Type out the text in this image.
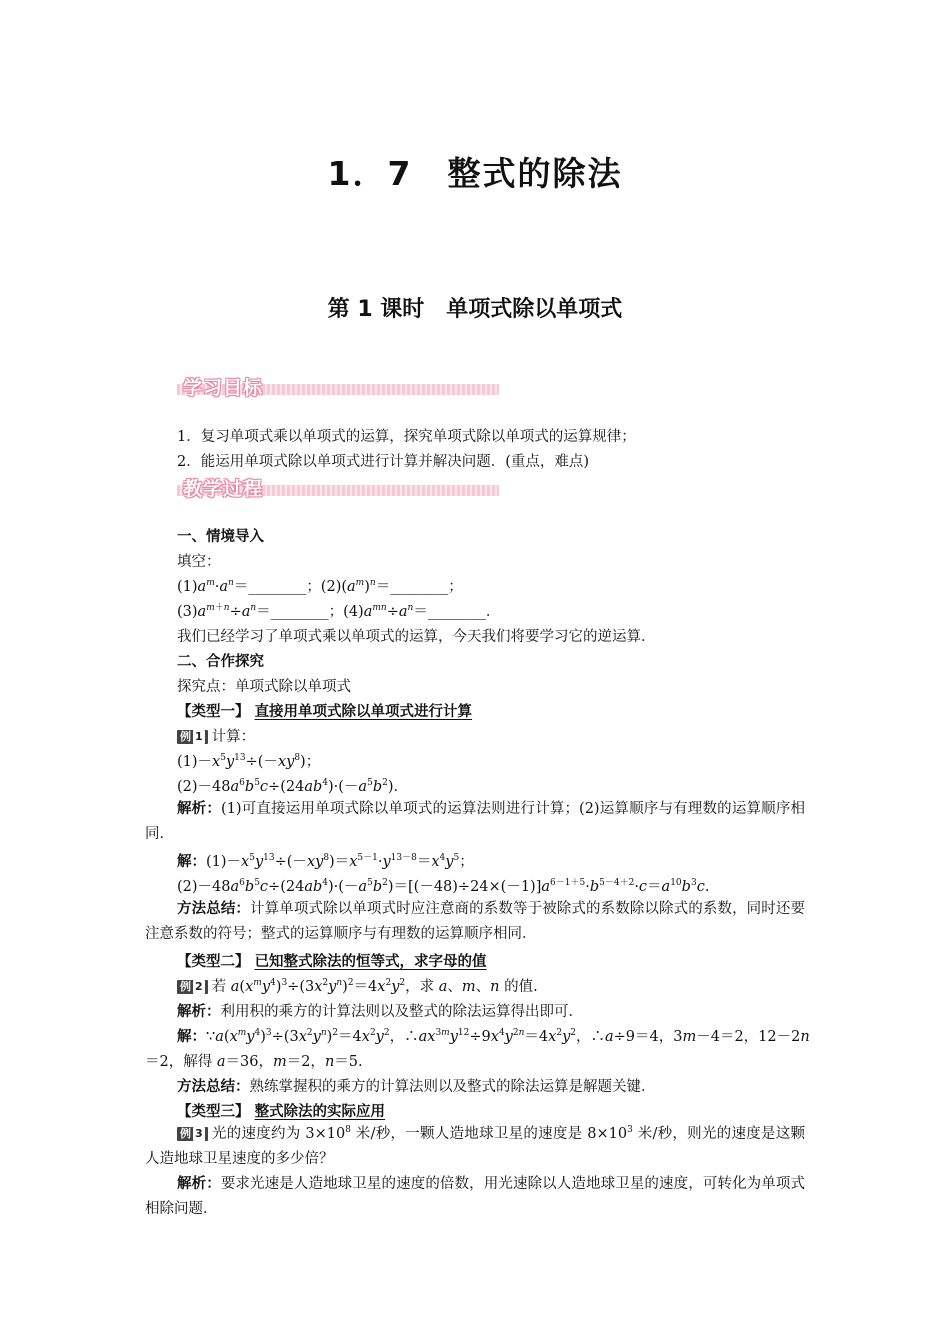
1．7　整式的除法
第 1 课时　单项式除以单项式
学习目标
1．复习单项式乘以单项式的运算，探究单项式除以单项式的运算规律；
2．能运用单项式除以单项式进行计算并解决问题．(重点，难点)
教学过程
一、情境导入
填空：
$(1)a^m\cdot a^n=\_\_\_\_\_\_\_\_$；$(2)(a^m)^n=\_\_\_\_\_\_\_\_$；
$(3)a^{m+n}\div a^n=\_\_\_\_\_\_\_\_$；$(4)a^{mn}\div a^n=\_\_\_\_\_\_\_\_$．
我们已经学习了单项式乘以单项式的运算，今天我们将要学习它的逆运算．
二、合作探究
探究点：单项式除以单项式
【类型一】 直接用单项式除以单项式进行计算
例 1 计算：
$(1)-x^5y^{13}\div(-xy^8)$；
$(2)-48a^6b^5c\div(24ab^4)\cdot(-a^5b^2)$．
解析：(1)可直接运用单项式除以单项式的运算法则进行计算；(2)运算顺序与有理数的运算顺序相同．
解：$(1)-x^5y^{13}\div(-xy^8)=x^{5-1}\cdot y^{13-8}=x^4y^5$；
$(2)-48a^6b^5c\div(24ab^4)\cdot(-a^5b^2)=[(-48)\div 24\times(-1)]a^{6-1+5}\cdot b^{5-4+2}\cdot c=a^{10}b^3c$.
方法总结：计算单项式除以单项式时应注意商的系数等于被除式的系数除以除式的系数，同时还要注意系数的符号；整式的运算顺序与有理数的运算顺序相同．
【类型二】 已知整式除法的恒等式，求字母的值
例 2 若 $a(x^my^4)^3\div(3x^2y^n)^2=4x^2y^2$，求 a、m、n 的值.
解析：利用积的乘方的计算法则以及整式的除法运算得出即可．
解：$\because a(x^my^4)^3\div(3x^2y^n)^2=4x^2y^2$，$\therefore ax^{3m}y^{12}\div 9x^4y^{2n}=4x^2y^2$，∴a÷9＝4，3m－4＝2，12－2n
＝2，解得 a＝36，m＝2，n＝5.
方法总结：熟练掌握积的乘方的计算法则以及整式的除法运算是解题关键．
【类型三】 整式除法的实际应用
例 3 光的速度约为 $3\times 10^8$ 米/秒，一颗人造地球卫星的速度是 $8\times 10^3$ 米/秒，则光的速度是这颗人造地球卫星速度的多少倍？
解析：要求光速是人造地球卫星的速度的倍数，用光速除以人造地球卫星的速度，可转化为单项式相除问题．
